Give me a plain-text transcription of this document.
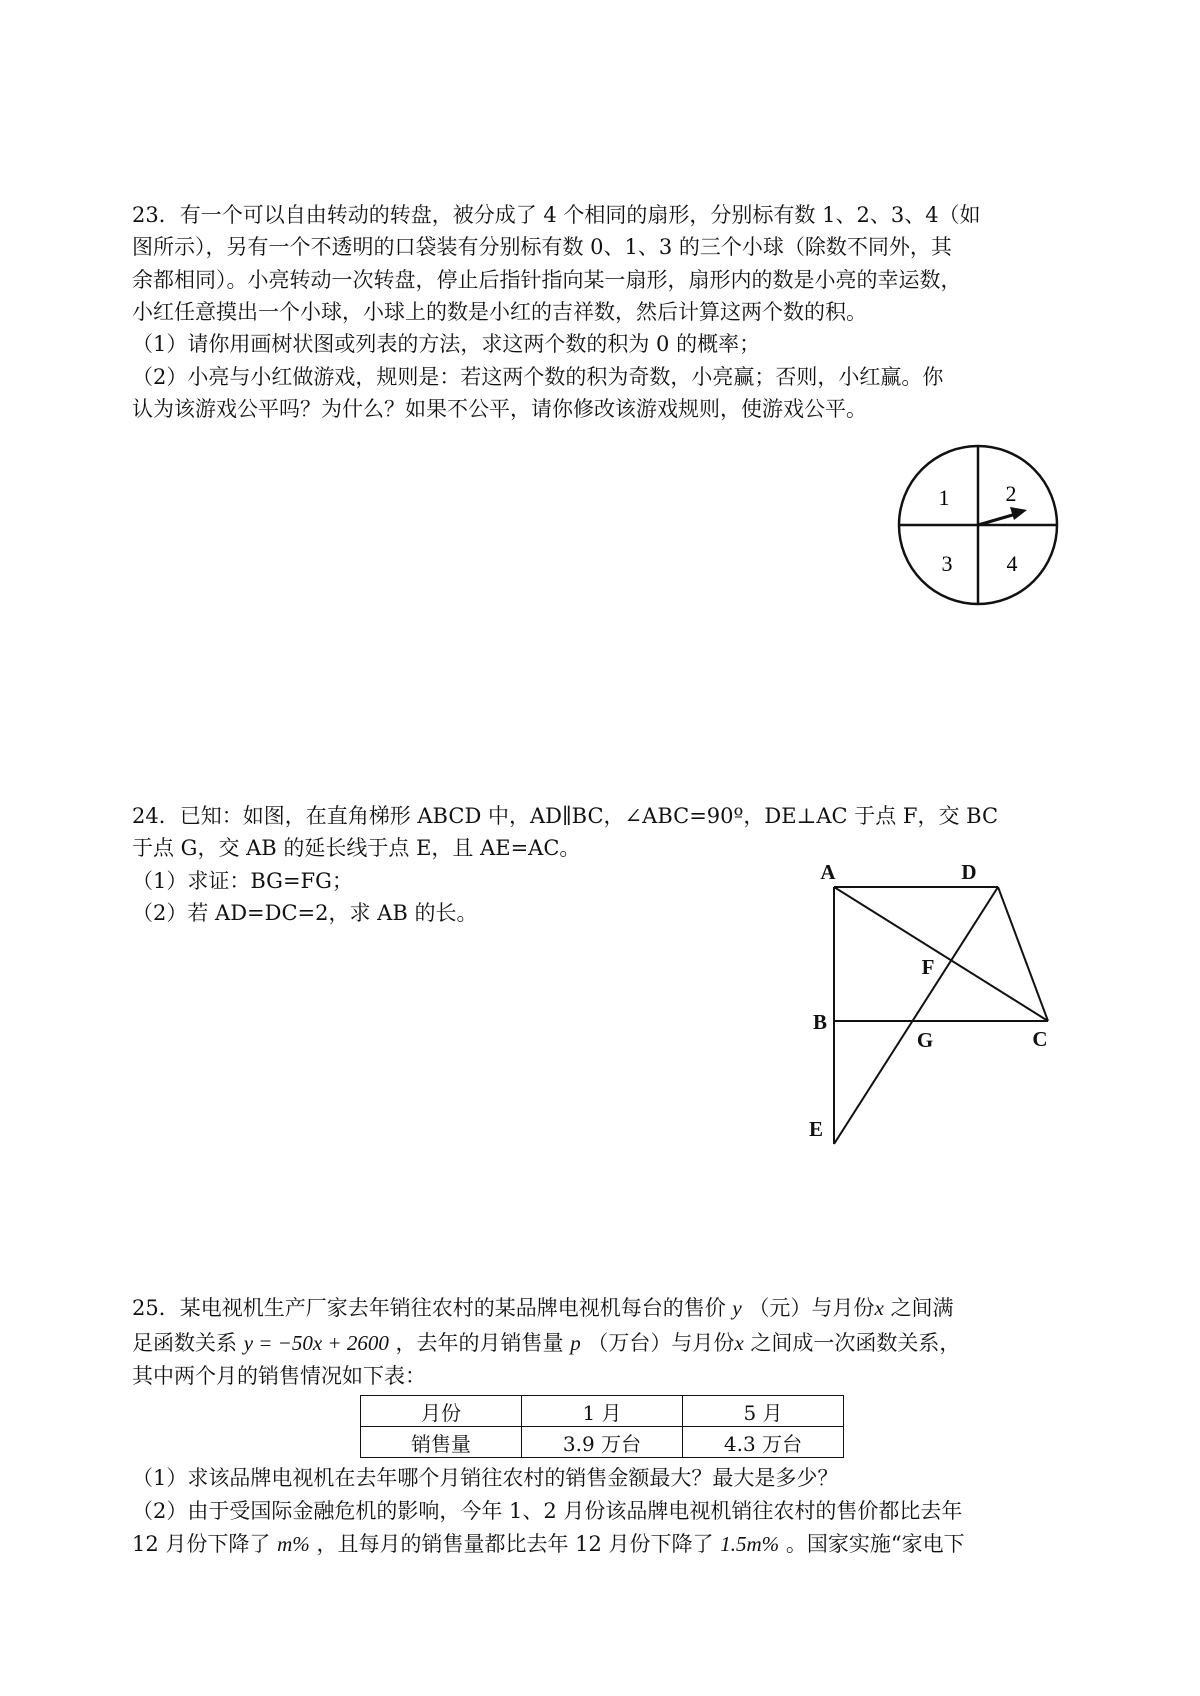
23．有一个可以自由转动的转盘，被分成了 4 个相同的扇形，分别标有数 1、2、3、4（如
图所示），另有一个不透明的口袋装有分别标有数 0、1、3 的三个小球（除数不同外，其
余都相同）。小亮转动一次转盘，停止后指针指向某一扇形，扇形内的数是小亮的幸运数，
小红任意摸出一个小球，小球上的数是小红的吉祥数，然后计算这两个数的积。
（1）请你用画树状图或列表的方法，求这两个数的积为 0 的概率；
（2）小亮与小红做游戏，规则是：若这两个数的积为奇数，小亮赢；否则，小红赢。你
认为该游戏公平吗？为什么？如果不公平，请你修改该游戏规则，使游戏公平。
1	2
3 4
24．已知：如图，在直角梯形 ABCD 中，AD∥BC，∠ABC=90º，DE⊥AC 于点 F，交 BC
于点 G，交 AB 的延长线于点 E，且 AE=AC。
（1）求证：BG=FG；
（2）若 AD=DC=2，求 AB 的长。
A	D
F
B
G	C
E
25．某电视机生产厂家去年销往农村的某品牌电视机每台的售价 y （元）与月份x 之间满
足函数关系 y = −50x + 2600 ，去年的月销售量 p （万台）与月份x 之间成一次函数关系，
其中两个月的销售情况如下表：
月份	1 月	5 月
销售量	3.9 万台	4.3 万台
（1）求该品牌电视机在去年哪个月销往农村的销售金额最大？最大是多少？
（2）由于受国际金融危机的影响，今年 1、2 月份该品牌电视机销往农村的售价都比去年
12 月份下降了 m% ，且每月的销售量都比去年 12 月份下降了 1.5m% 。国家实施“家电下
